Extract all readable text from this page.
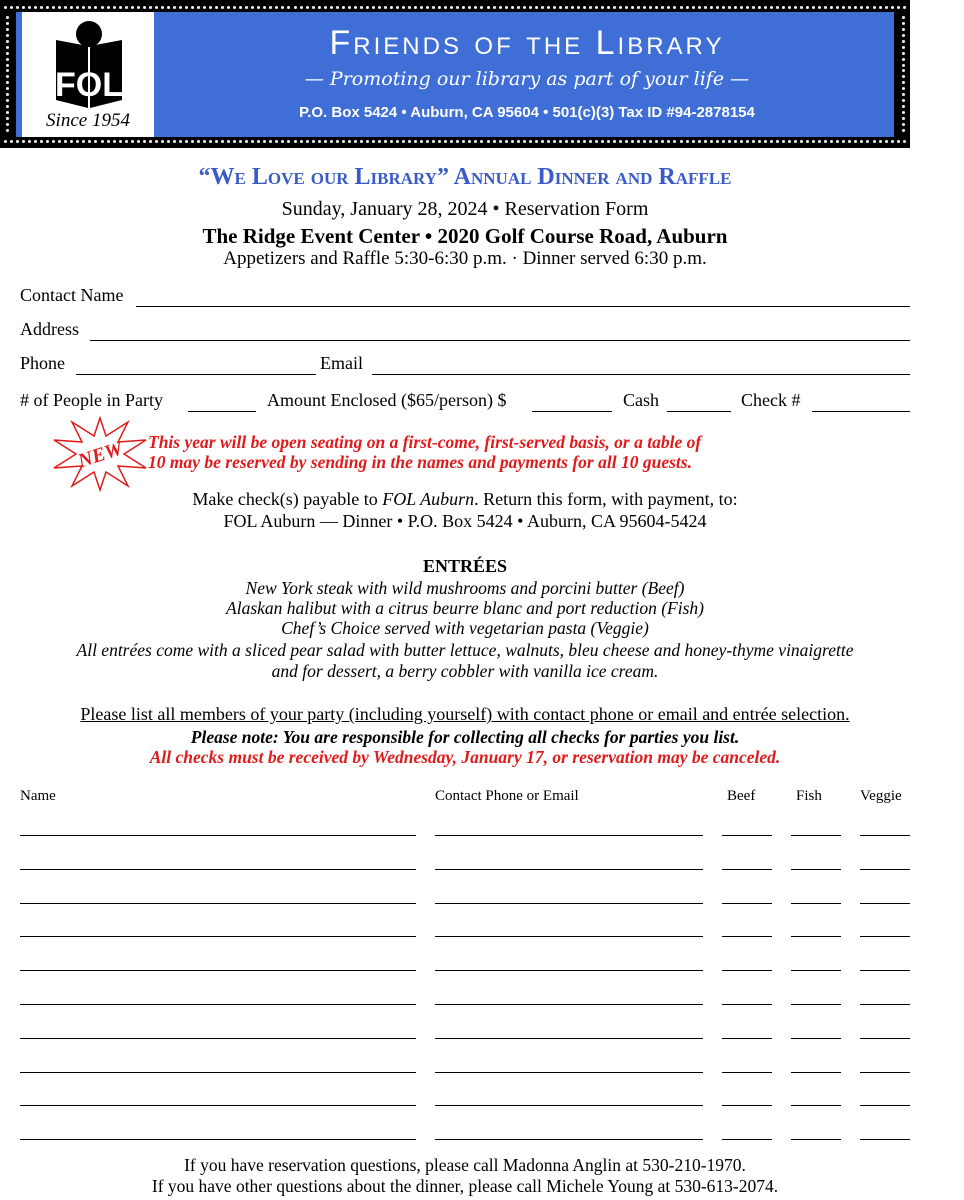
FOL
Since 1954
Friends of the Library
— Promoting our library as part of your life —
P.O. Box 5424 • Auburn, CA 95604 • 501(c)(3) Tax ID #94-2878154
“We Love our Library” Annual Dinner and Raffle
Sunday, January 28, 2024 • Reservation Form
The Ridge Event Center • 2020 Golf Course Road, Auburn
Appetizers and Raffle 5:30-6:30 p.m. · Dinner served 6:30 p.m.
Contact Name
Address
Phone	Email
# of People in Party	Amount Enclosed ($65/person) $	Cash	Check #
NEW This year will be open seating on a first-come, first-served basis, or a table of
10 may be reserved by sending in the names and payments for all 10 guests.
Make check(s) payable to FOL Auburn. Return this form, with payment, to:
FOL Auburn — Dinner • P.O. Box 5424 • Auburn, CA 95604-5424
ENTRÉES
New York steak with wild mushrooms and porcini butter (Beef)
Alaskan halibut with a citrus beurre blanc and port reduction (Fish)
Chef’s Choice served with vegetarian pasta (Veggie)
All entrées come with a sliced pear salad with butter lettuce, walnuts, bleu cheese and honey-thyme vinaigrette
and for dessert, a berry cobbler with vanilla ice cream.
Please list all members of your party (including yourself) with contact phone or email and entrée selection.
Please note: You are responsible for collecting all checks for parties you list.
All checks must be received by Wednesday, January 17, or reservation may be canceled.
Name	Contact Phone or Email	Beef	Fish	Veggie
If you have reservation questions, please call Madonna Anglin at 530-210-1970.
If you have other questions about the dinner, please call Michele Young at 530-613-2074.
